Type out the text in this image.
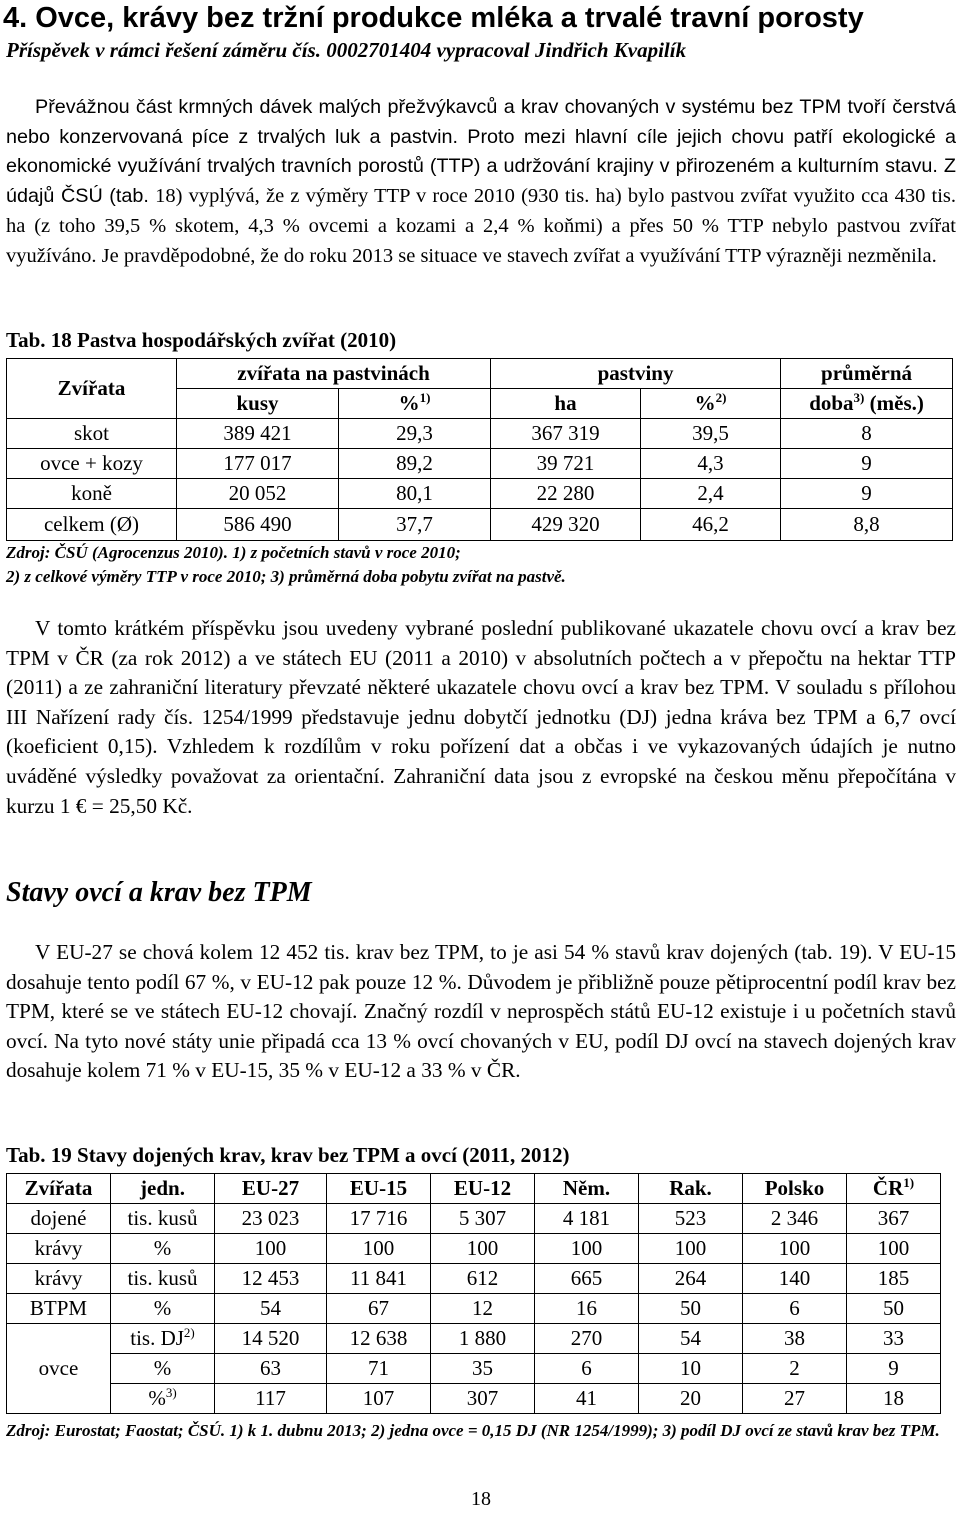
4. Ovce, krávy bez tržní produkce mléka a trvalé travní porosty
Příspěvek v rámci řešení záměru čís. 0002701404 vypracoval Jindřich Kvapilík
Převážnou část krmných dávek malých přežvýkavců a krav chovaných v systému bez TPM tvoří čerstvá nebo konzervovaná píce z trvalých luk a pastvin. Proto mezi hlavní cíle jejich chovu patří ekologické a ekonomické využívání trvalých travních porostů (TTP) a udržování krajiny v přirozeném a kulturním stavu. Z údajů ČSÚ (tab. 18) vyplývá, že z výměry TTP v roce 2010 (930 tis. ha) bylo pastvou zvířat využito cca 430 tis. ha (z toho 39,5 % skotem, 4,3 % ovcemi a kozami a 2,4 % koňmi) a přes 50 % TTP nebylo pastvou zvířat využíváno. Je pravděpodobné, že do roku 2013 se situace ve stavech zvířat a využívání TTP výrazněji nezměnila.
Tab. 18 Pastva hospodářských zvířat (2010)
Zvířata	zvířata na pastvinách		pastviny		průměrná
	kusy	%$^{1)}$	ha	%$^{2)}$	doba$^{3)}$ (měs.)
skot	389 421	29,3	367 319	39,5	8
ovce + kozy	177 017	89,2	39 721	4,3	9
koně	20 052	80,1	22 280	2,4	9
celkem (Ø)	586 490	37,7	429 320	46,2	8,8
Zdroj: ČSÚ (Agrocenzus 2010). 1) z početních stavů v roce 2010;
2) z celkové výměry TTP v roce 2010; 3) průměrná doba pobytu zvířat na pastvě.
V tomto krátkém příspěvku jsou uvedeny vybrané poslední publikované ukazatele chovu ovcí a krav bez TPM v ČR (za rok 2012) a ve státech EU (2011 a 2010) v absolutních počtech a v přepočtu na hektar TTP (2011) a ze zahraniční literatury převzaté některé ukazatele chovu ovcí a krav bez TPM. V souladu s přílohou III Nařízení rady čís. 1254/1999 představuje jednu dobytčí jednotku (DJ) jedna kráva bez TPM a 6,7 ovcí (koeficient 0,15). Vzhledem k rozdílům v roku pořízení dat a občas i ve vykazovaných údajích je nutno uváděné výsledky považovat za orientační. Zahraniční data jsou z evropské na českou měnu přepočítána v kurzu 1 € = 25,50 Kč.
Stavy ovcí a krav bez TPM
V EU-27 se chová kolem 12 452 tis. krav bez TPM, to je asi 54 % stavů krav dojených (tab. 19). V EU-15 dosahuje tento podíl 67 %, v EU-12 pak pouze 12 %. Důvodem je přibližně pouze pětiprocentní podíl krav bez TPM, které se ve státech EU-12 chovají. Značný rozdíl v neprospěch států EU-12 existuje i u početních stavů ovcí. Na tyto nové státy unie připadá cca 13 % ovcí chovaných v EU, podíl DJ ovcí na stavech dojených krav dosahuje kolem 71 % v EU-15, 35 % v EU-12 a 33 % v ČR.
Tab. 19 Stavy dojených krav, krav bez TPM a ovcí (2011, 2012)
Zvířata	jedn.	EU-27	EU-15	EU-12	Něm.	Rak.	Polsko	ČR$^{1)}$
dojené	tis. kusů	23 023	17 716	5 307	4 181	523	2 346	367
krávy	%	100	100	100	100	100	100	100
krávy	tis. kusů	12 453	11 841	612	665	264	140	185
BTPM	%	54	67	12	16	50	6	50
ovce	tis. DJ$^{2)}$	14 520	12 638	1 880	270	54	38	33
	%	63	71	35	6	10	2	9
	%$^{3)}$	117	107	307	41	20	27	18
Zdroj: Eurostat; Faostat; ČSÚ. 1) k 1. dubnu 2013; 2) jedna ovce = 0,15 DJ (NR 1254/1999); 3) podíl DJ ovcí ze stavů krav bez TPM.
18
